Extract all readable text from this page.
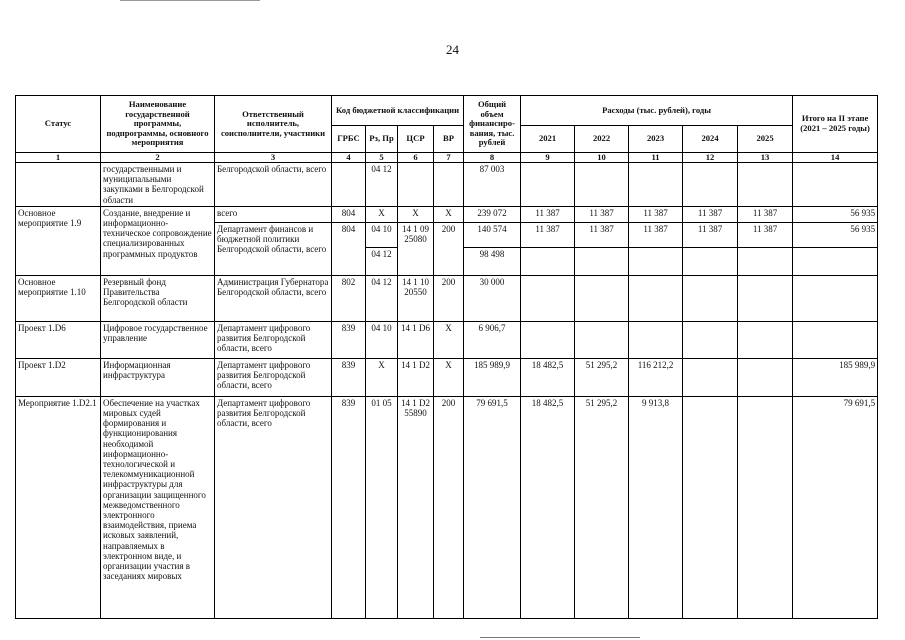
24
Статус	Наименование государственной программы, подпрограммы, основного мероприятия	Ответственный исполнитель, соисполнители, участники	Код бюджетной классификации				Общий объем финансиро-вания, тыс. рублей	Расходы (тыс. рублей), годы					Итого на II этапе (2021 – 2025 годы)
			ГРБС	Рз, Пр	ЦСР	ВР		2021	2022	2023	2024	2025	
1	2	3	4	5	6	7	8	9	10	11	12	13	14
	государственными и муниципальными закупками в Белгородской области	Белгородской области, всего		04 12			87 003						
Основное мероприятие 1.9	Создание, внедрение и информационно-техническое сопровождение специализированных программных продуктов	всего	804	X	X	X	239 072	11 387	11 387	11 387	11 387	11 387	56 935
		Департамент финансов и бюджетной политики Белгородской области, всего	804	04 10	14 1 09 25080	200	140 574	11 387	11 387	11 387	11 387	11 387	56 935
				04 12			98 498						
Основное мероприятие 1.10	Резервный фонд Правительства Белгородской области	Администрация Губернатора Белгородской области, всего	802	04 12	14 1 10 20550	200	30 000						
Проект 1.D6	Цифровое государственное управление	Департамент цифрового развития Белгородской области, всего	839	04 10	14 1 D6	X	6 906,7						
Проект 1.D2	Информационная инфраструктура	Департамент цифрового развития Белгородской области, всего	839	X	14 1 D2	X	185 989,9	18 482,5	51 295,2	116 212,2			185 989,9
Мероприятие 1.D2.1	Обеспечение на участках мировых судей формирования и функционирования необходимой информационно-технологической и телекоммуникационной инфраструктуры для организации защищенного межведомственного электронного взаимодействия, приема исковых заявлений, направляемых в электронном виде, и организации участия в заседаниях мировых	Департамент цифрового развития Белгородской области, всего	839	01 05	14 1 D2 55890	200	79 691,5	18 482,5	51 295,2	9 913,8			79 691,5
